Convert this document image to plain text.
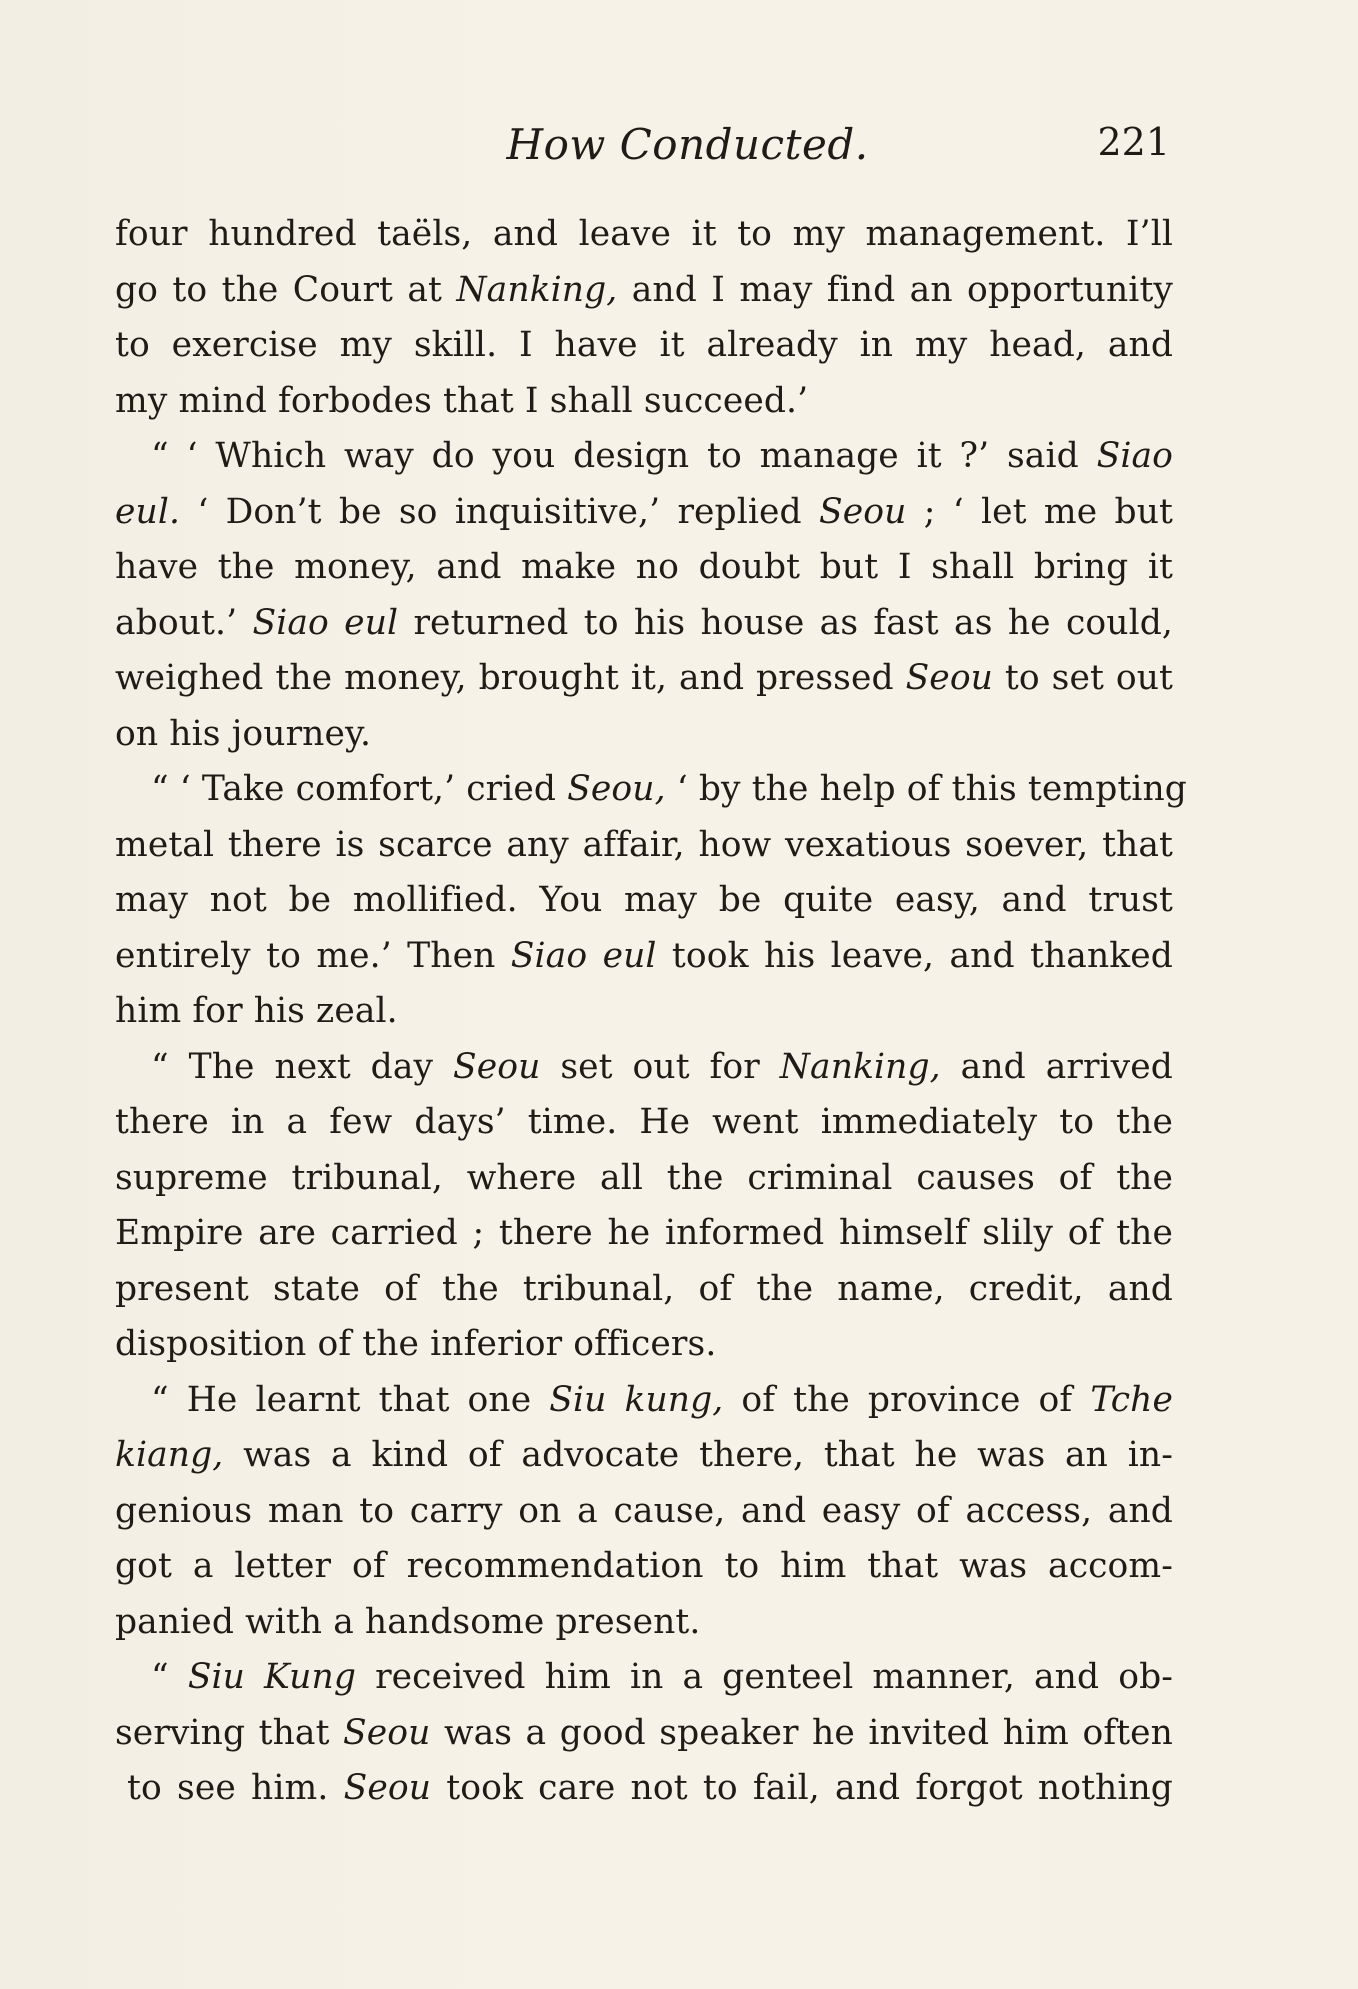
How Conducted.	221
four hundred taëls, and leave it to my management. I’ll
go to the Court at Nanking, and I may find an opportunity
to exercise my skill. I have it already in my head, and
my mind forbodes that I shall succeed.’
“ ‘ Which way do you design to manage it ?’ said Siao
eul. ‘ Don’t be so inquisitive,’ replied Seou ; ‘ let me but
have the money, and make no doubt but I shall bring it
about.’ Siao eul returned to his house as fast as he could,
weighed the money, brought it, and pressed Seou to set out
on his journey.
“ ‘ Take comfort,’ cried Seou, ‘ by the help of this tempting
metal there is scarce any affair, how vexatious soever, that
may not be mollified. You may be quite easy, and trust
entirely to me.’ Then Siao eul took his leave, and thanked
him for his zeal.
“ The next day Seou set out for Nanking, and arrived
there in a few days’ time. He went immediately to the
supreme tribunal, where all the criminal causes of the
Empire are carried ; there he informed himself slily of the
present state of the tribunal, of the name, credit, and
disposition of the inferior officers.
“ He learnt that one Siu kung, of the province of Tche
kiang, was a kind of advocate there, that he was an in-
genious man to carry on a cause, and easy of access, and
got a letter of recommendation to him that was accom-
panied with a handsome present.
“ Siu Kung received him in a genteel manner, and ob-
serving that Seou was a good speaker he invited him often
to see him. Seou took care not to fail, and forgot nothing
